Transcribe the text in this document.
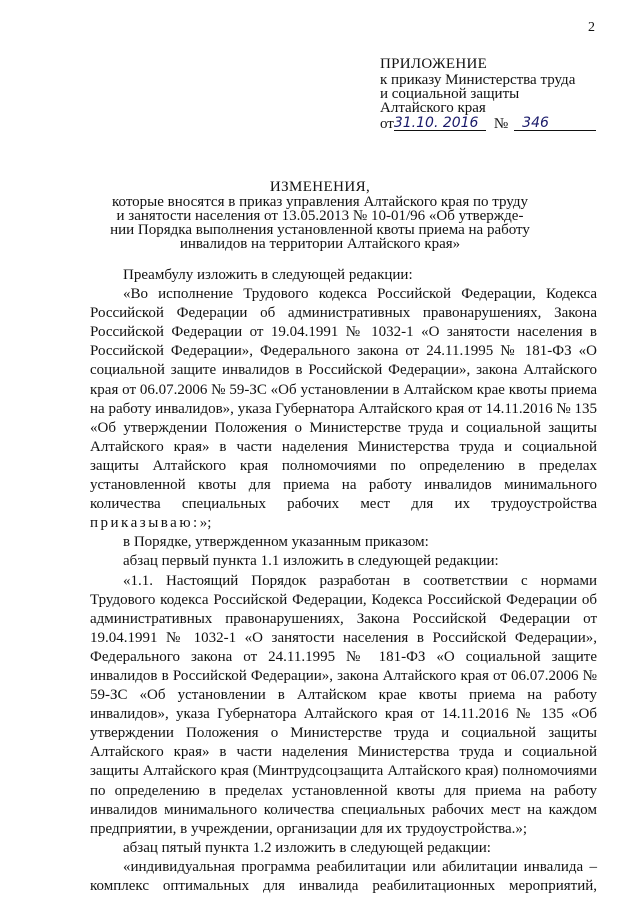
2
ПРИЛОЖЕНИЕ
к приказу Министерства труда
и социальной защиты
Алтайского края
от 31.10. 2016	№	346
ИЗМЕНЕНИЯ,
которые вносятся в приказ управления Алтайского края по труду
и занятости населения от 13.05.2013 № 10-01/96 «Об утвержде-
нии Порядка выполнения установленной квоты приема на работу
инвалидов на территории Алтайского края»

Преамбулу изложить в следующей редакции:

«Во исполнение Трудового кодекса Российской Федерации, Кодекса Российской Федерации об административных правонарушениях, Закона Российской Федерации от 19.04.1991 № 1032-1 «О занятости населения в Российской Федерации», Федерального закона от 24.11.1995 № 181-ФЗ «О социальной защите инвалидов в Российской Федерации», закона Алтайского края от 06.07.2006 № 59-ЗС «Об установлении в Алтайском крае квоты приема на работу инвалидов», указа Губернатора Алтайского края от 14.11.2016 № 135 «Об утверждении Положения о Министерстве труда и социальной защиты Алтайского края» в части наделения Министерства труда и социальной защиты Алтайского края полномочиями по определению в пределах установленной квоты для приема на работу инвалидов минимального количества специальных рабочих мест для их трудоустройства приказываю:»;

в Порядке, утвержденном указанным приказом:

абзац первый пункта 1.1 изложить в следующей редакции:

«1.1. Настоящий Порядок разработан в соответствии с нормами Трудового кодекса Российской Федерации, Кодекса Российской Федерации об административных правонарушениях, Закона Российской Федерации от 19.04.1991 № 1032-1 «О занятости населения в Российской Федерации», Федерального закона от 24.11.1995 № 181-ФЗ «О социальной защите инвалидов в Российской Федерации», закона Алтайского края от 06.07.2006 № 59-ЗС «Об установлении в Алтайском крае квоты приема на работу инвалидов», указа Губернатора Алтайского края от 14.11.2016 № 135 «Об утверждении Положения о Министерстве труда и социальной защиты Алтайского края» в части наделения Министерства труда и социальной защиты Алтайского края (Минтрудсоцзащита Алтайского края) полномочиями по определению в пределах установленной квоты для приема на работу инвалидов минимального количества специальных рабочих мест на каждом предприятии, в учреждении, организации для их трудоустройства.»;

абзац пятый пункта 1.2 изложить в следующей редакции:

«индивидуальная программа реабилитации или абилитации инвалида – комплекс оптимальных для инвалида реабилитационных мероприятий,
